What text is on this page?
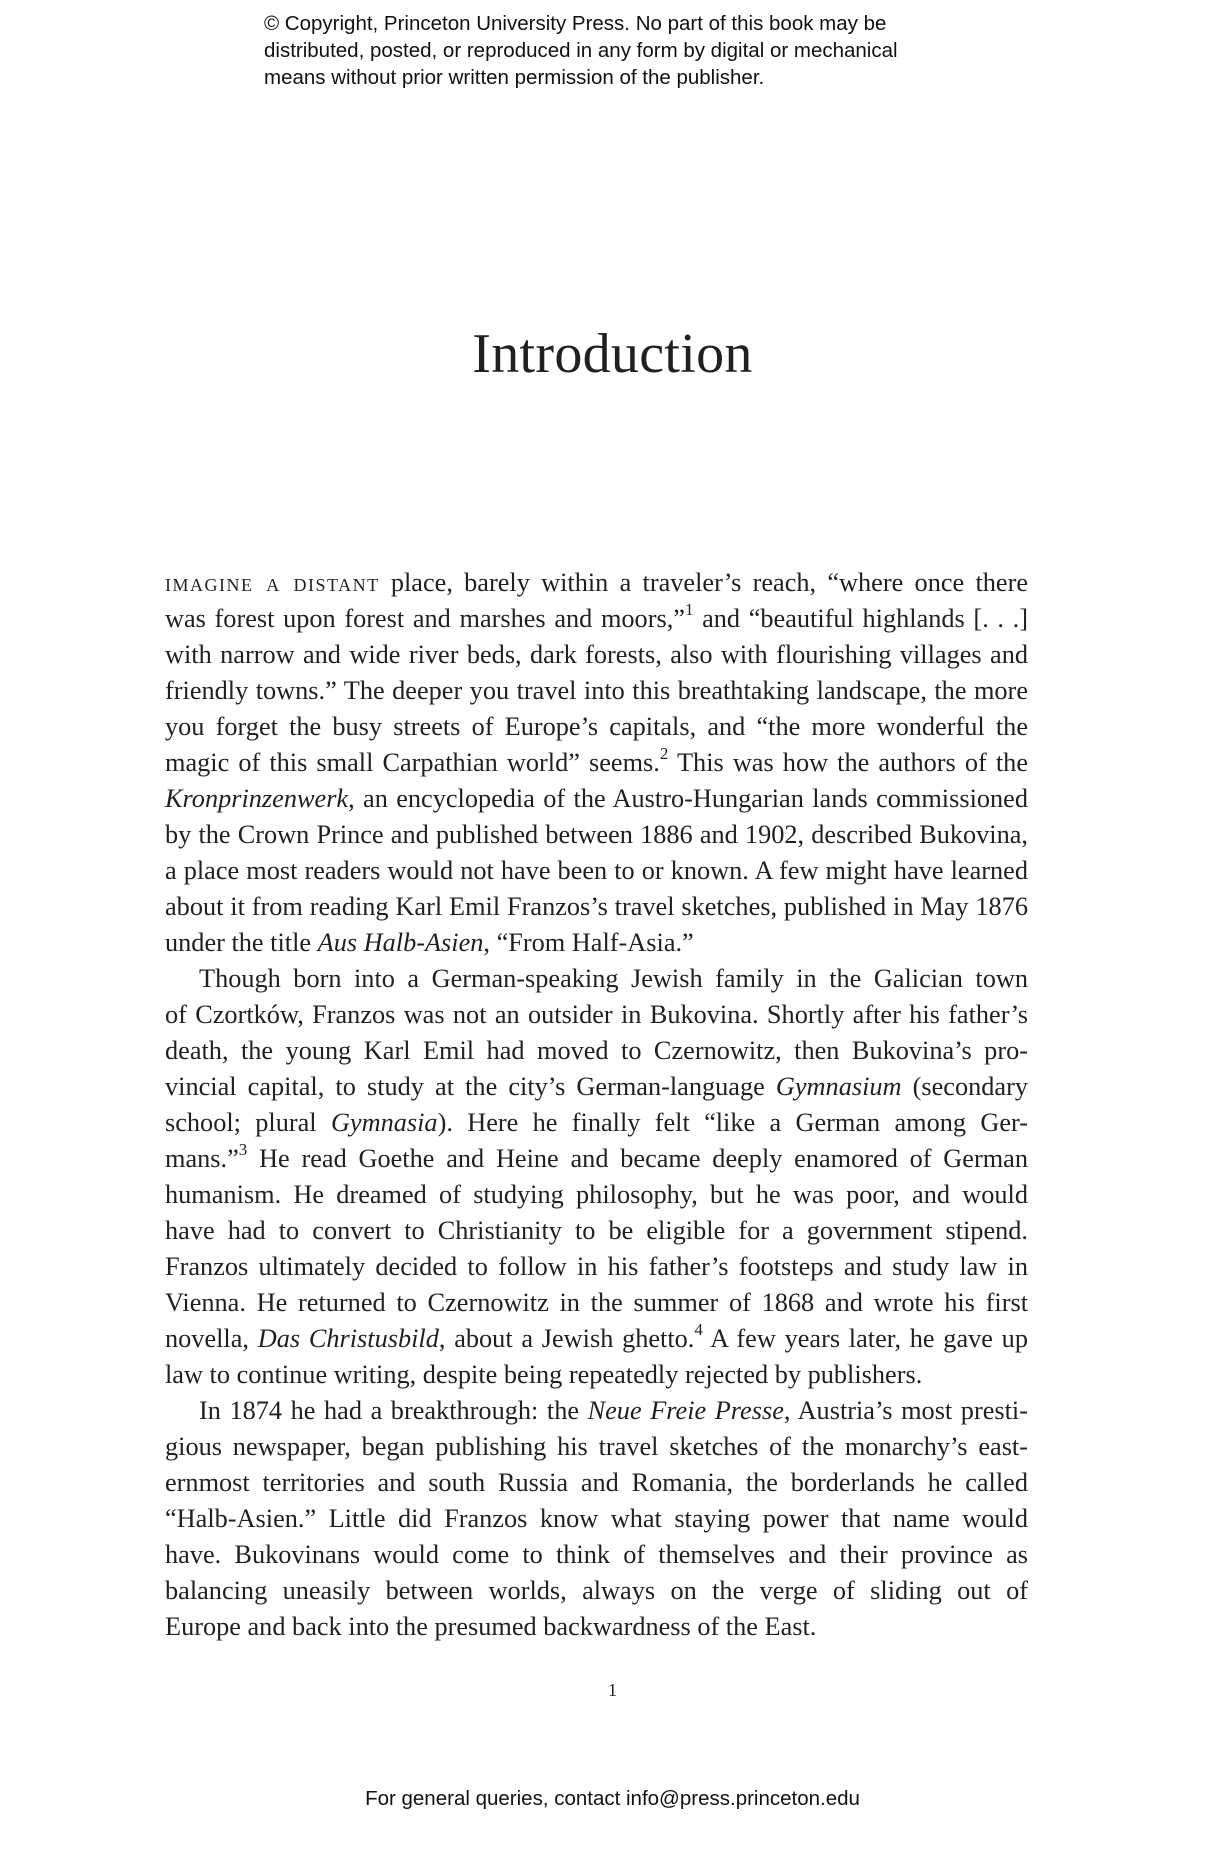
© Copyright, Princeton University Press. No part of this book may be
distributed, posted, or reproduced in any form by digital or mechanical
means without prior written permission of the publisher.
Introduction
imagine a distant place, barely within a traveler’s reach, “where once there
was forest upon forest and marshes and moors,”$^1$ and “beautiful highlands [. . .]
with narrow and wide river beds, dark forests, also with flourishing villages and
friendly towns.” The deeper you travel into this breathtaking landscape, the more
you forget the busy streets of Europe’s capitals, and “the more wonderful the
magic of this small Carpathian world” seems.$^2$ This was how the authors of the
Kronprinzenwerk, an encyclopedia of the Austro-Hungarian lands commissioned
by the Crown Prince and published between 1886 and 1902, described Bukovina,
a place most readers would not have been to or known. A few might have learned
about it from reading Karl Emil Franzos’s travel sketches, published in May 1876
under the title Aus Halb-Asien, “From Half-Asia.”
Though born into a German-speaking Jewish family in the Galician town
of Czortków, Franzos was not an outsider in Bukovina. Shortly after his father’s
death, the young Karl Emil had moved to Czernowitz, then Bukovina’s pro-
vincial capital, to study at the city’s German-language Gymnasium (secondary
school; plural Gymnasia). Here he finally felt “like a German among Ger-
mans.”$^3$ He read Goethe and Heine and became deeply enamored of German
humanism. He dreamed of studying philosophy, but he was poor, and would
have had to convert to Christianity to be eligible for a government stipend.
Franzos ultimately decided to follow in his father’s footsteps and study law in
Vienna. He returned to Czernowitz in the summer of 1868 and wrote his first
novella, Das Christusbild, about a Jewish ghetto.$^4$ A few years later, he gave up
law to continue writing, despite being repeatedly rejected by publishers.
In 1874 he had a breakthrough: the Neue Freie Presse, Austria’s most presti-
gious newspaper, began publishing his travel sketches of the monarchy’s east-
ernmost territories and south Russia and Romania, the borderlands he called
“Halb-Asien.” Little did Franzos know what staying power that name would
have. Bukovinans would come to think of themselves and their province as
balancing uneasily between worlds, always on the verge of sliding out of
Europe and back into the presumed backwardness of the East.
1
For general queries, contact info@press.princeton.edu
